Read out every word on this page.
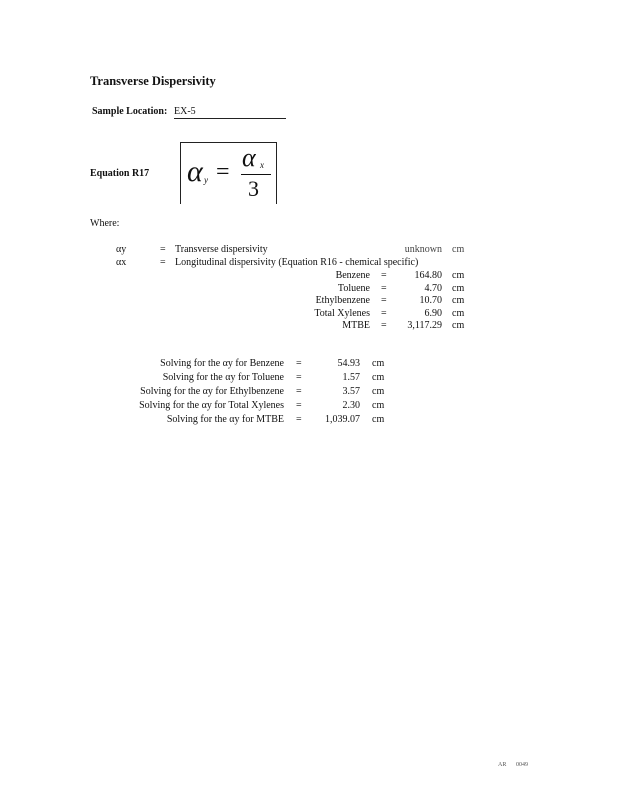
Transverse Dispersivity
Sample Location: EX-5
Equation R17 α y = α x
3
Where:
αy	= Transverse dispersivity	unknown cm
αx	= Longitudinal dispersivity (Equation R16 - chemical specific)
Benzene =	164.80 cm
Toluene =	4.70 cm
Ethylbenzene =	10.70 cm
Total Xylenes =	6.90 cm
MTBE =	3,117.29 cm
Solving for the αy for Benzene =	54.93 cm
Solving for the αy for Toluene =	1.57 cm
Solving for the αy for Ethylbenzene =	3.57 cm
Solving for the αy for Total Xylenes =	2.30 cm
Solving for the αy for MTBE =	1,039.07 cm
AR 0049
